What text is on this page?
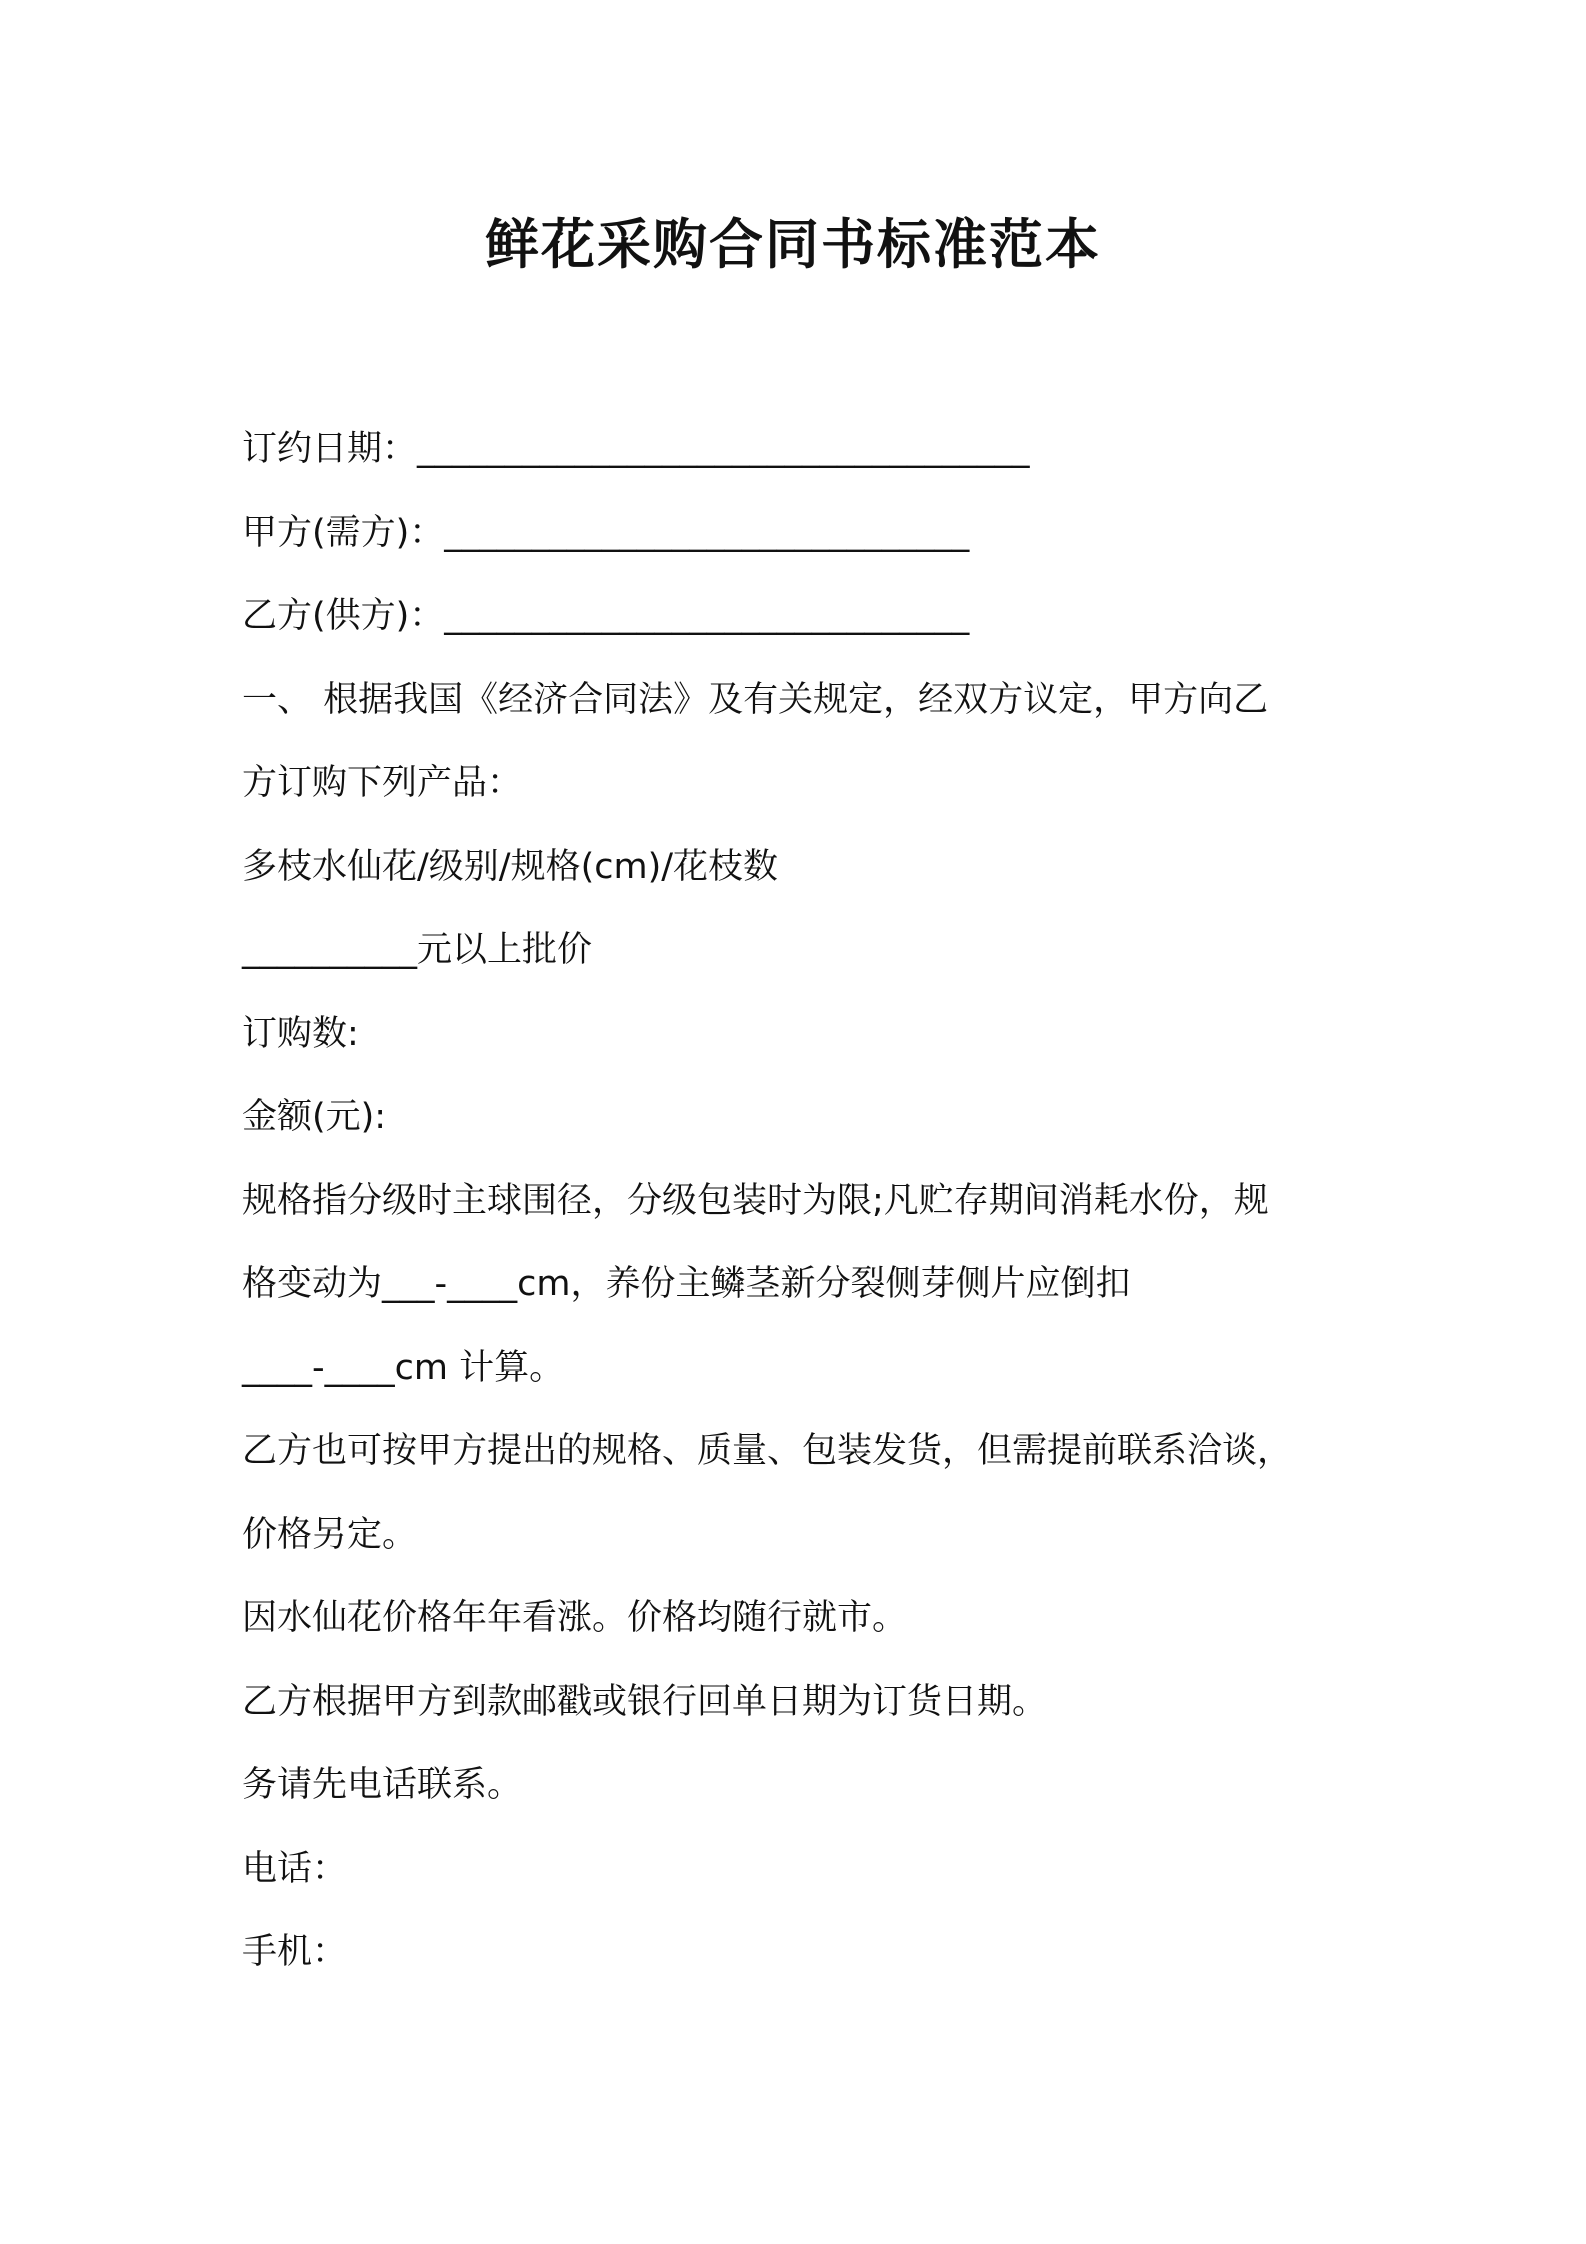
鲜花采购合同书标准范本
订约日期：___________________________________
甲方(需方)：______________________________
乙方(供方)：______________________________
一、 根据我国《经济合同法》及有关规定，经双方议定，甲方向乙
方订购下列产品：
多枝水仙花/级别/规格(cm)/花枝数
__________元以上批价
订购数:
金额(元):
规格指分级时主球围径，分级包装时为限;凡贮存期间消耗水份，规
格变动为___-____cm，养份主鳞茎新分裂侧芽侧片应倒扣
____-____cm 计算。
乙方也可按甲方提出的规格、质量、包装发货，但需提前联系洽谈，
价格另定。
因水仙花价格年年看涨。价格均随行就市。
乙方根据甲方到款邮戳或银行回单日期为订货日期。
务请先电话联系。
电话：
手机：
